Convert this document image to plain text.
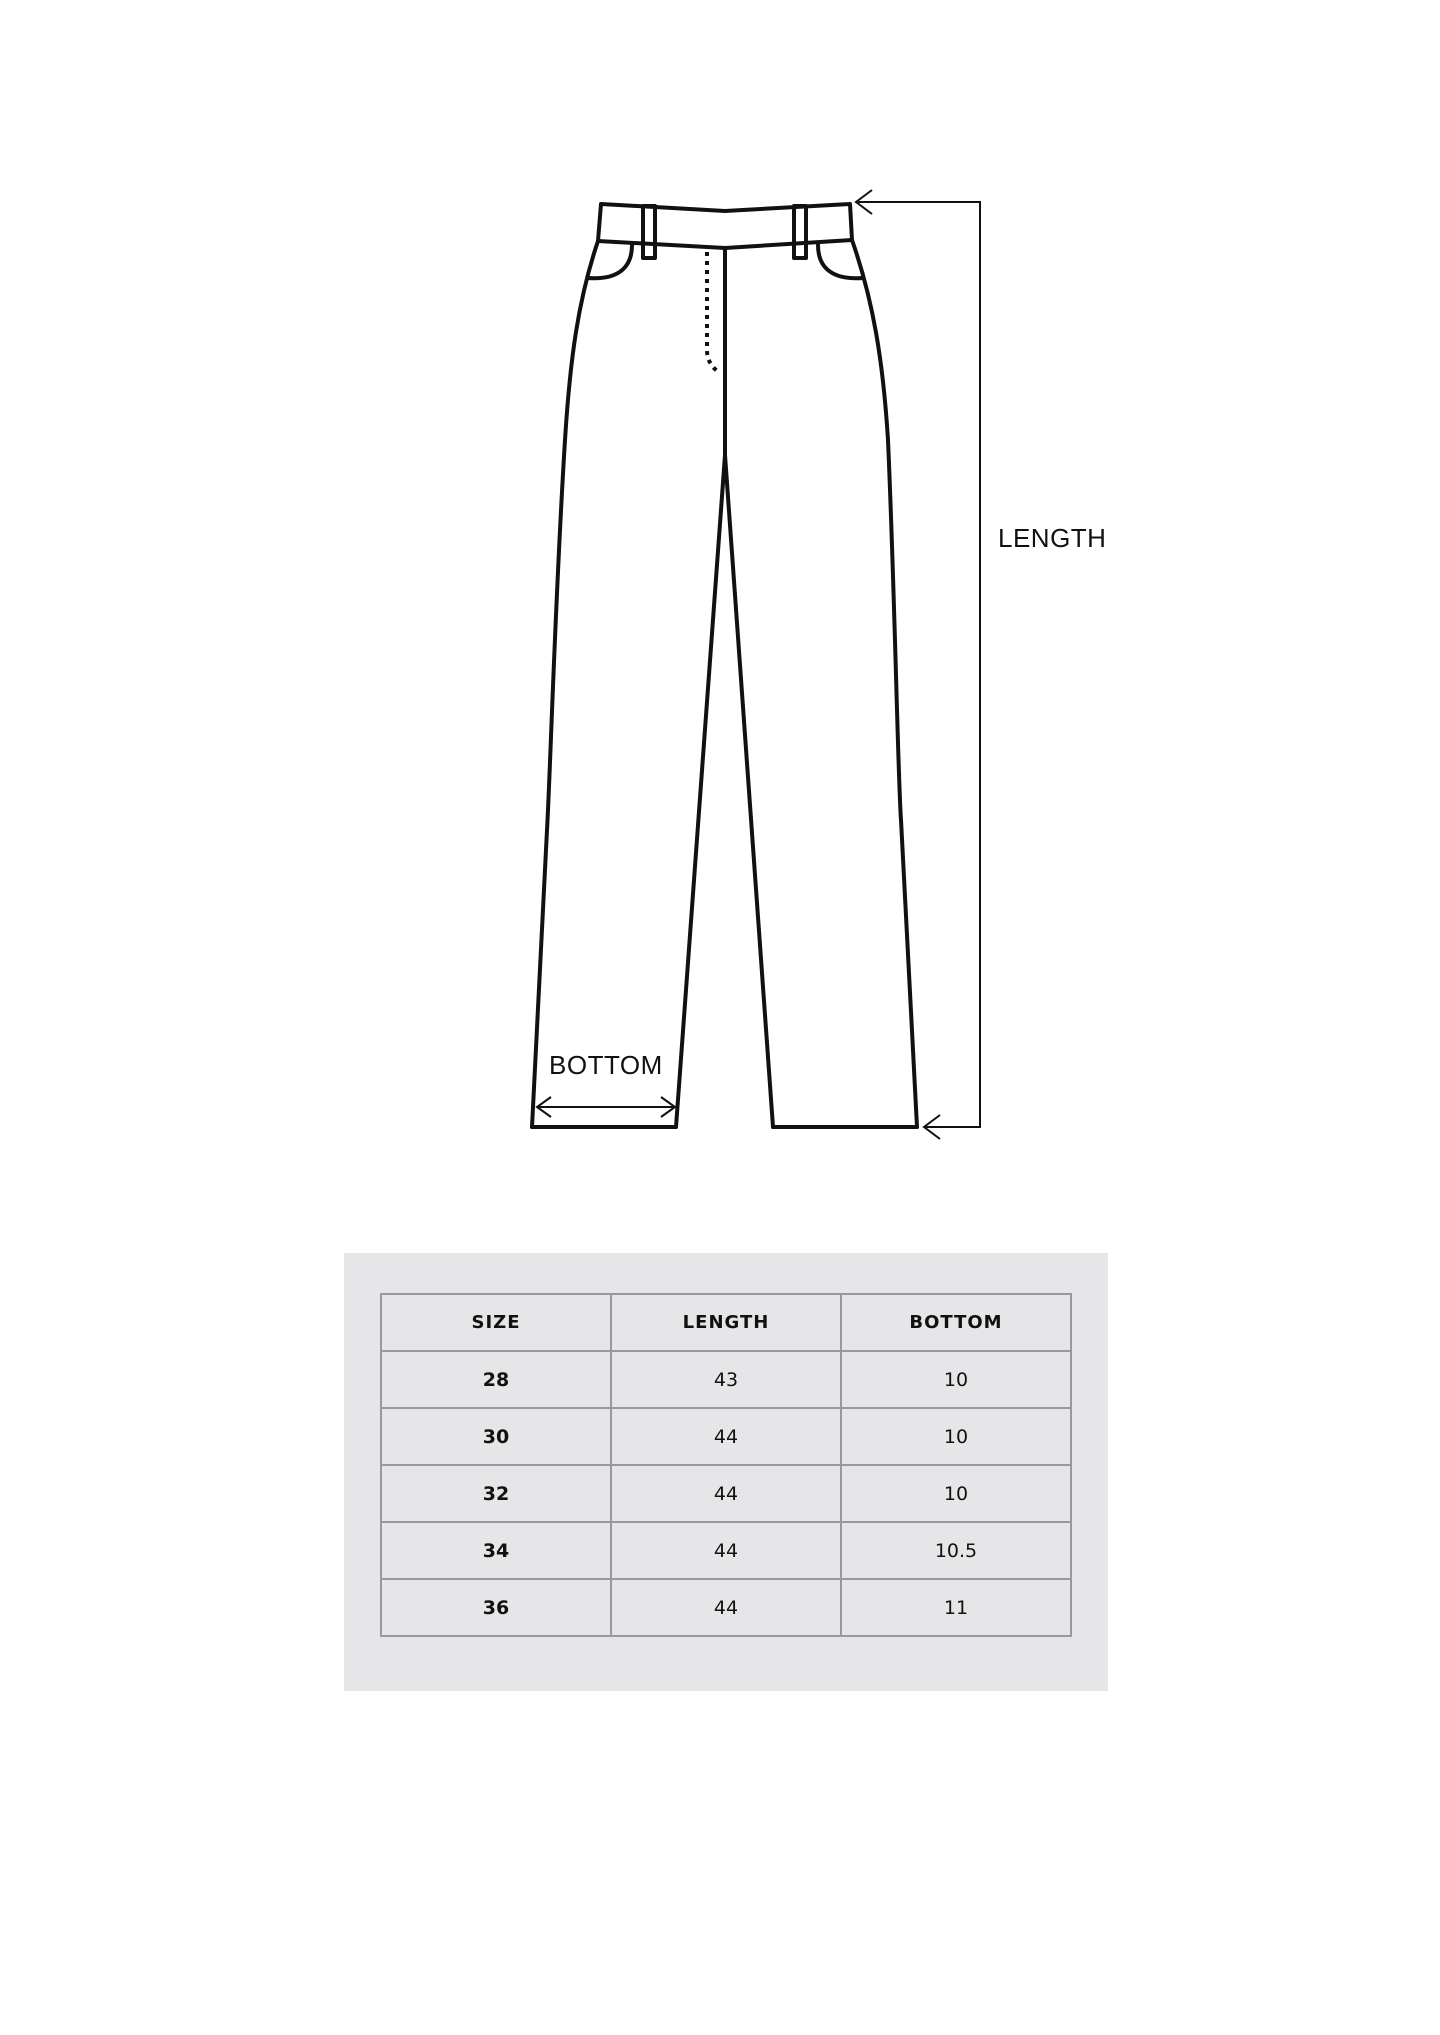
LENGTH
BOTTOM
SIZE	LENGTH	BOTTOM
28	43	10
30	44	10
32	44	10
34	44	10.5
36	44	11
